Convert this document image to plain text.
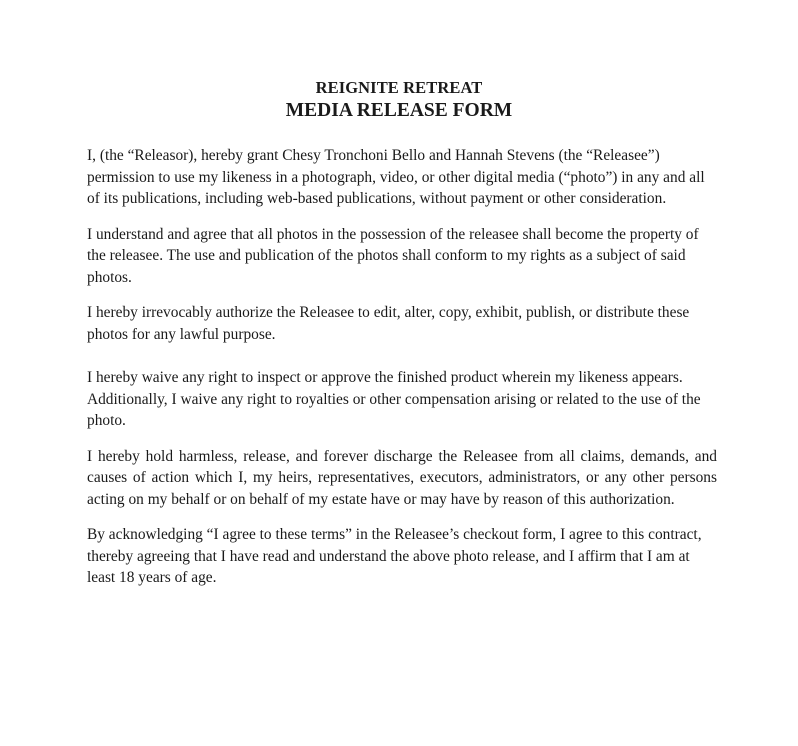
REIGNITE RETREAT
MEDIA RELEASE FORM

I, (the “Releasor), hereby grant Chesy Tronchoni Bello and Hannah Stevens (the “Releasee”) permission to use my likeness in a photograph, video, or other digital media (“photo”) in any and all of its publications, including web-based publications, without payment or other consideration.

I understand and agree that all photos in the possession of the releasee shall become the property of the releasee. The use and publication of the photos shall conform to my rights as a subject of said photos.

I hereby irrevocably authorize the Releasee to edit, alter, copy, exhibit, publish, or distribute these photos for any lawful purpose.

I hereby waive any right to inspect or approve the finished product wherein my likeness appears. Additionally, I waive any right to royalties or other compensation arising or related to the use of the photo.

I hereby hold harmless, release, and forever discharge the Releasee from all claims, demands, and causes of action which I, my heirs, representatives, executors, administrators, or any other persons acting on my behalf or on behalf of my estate have or may have by reason of this authorization.

By acknowledging “I agree to these terms” in the Releasee’s checkout form, I agree to this contract, thereby agreeing that I have read and understand the above photo release, and I affirm that I am at least 18 years of age.
